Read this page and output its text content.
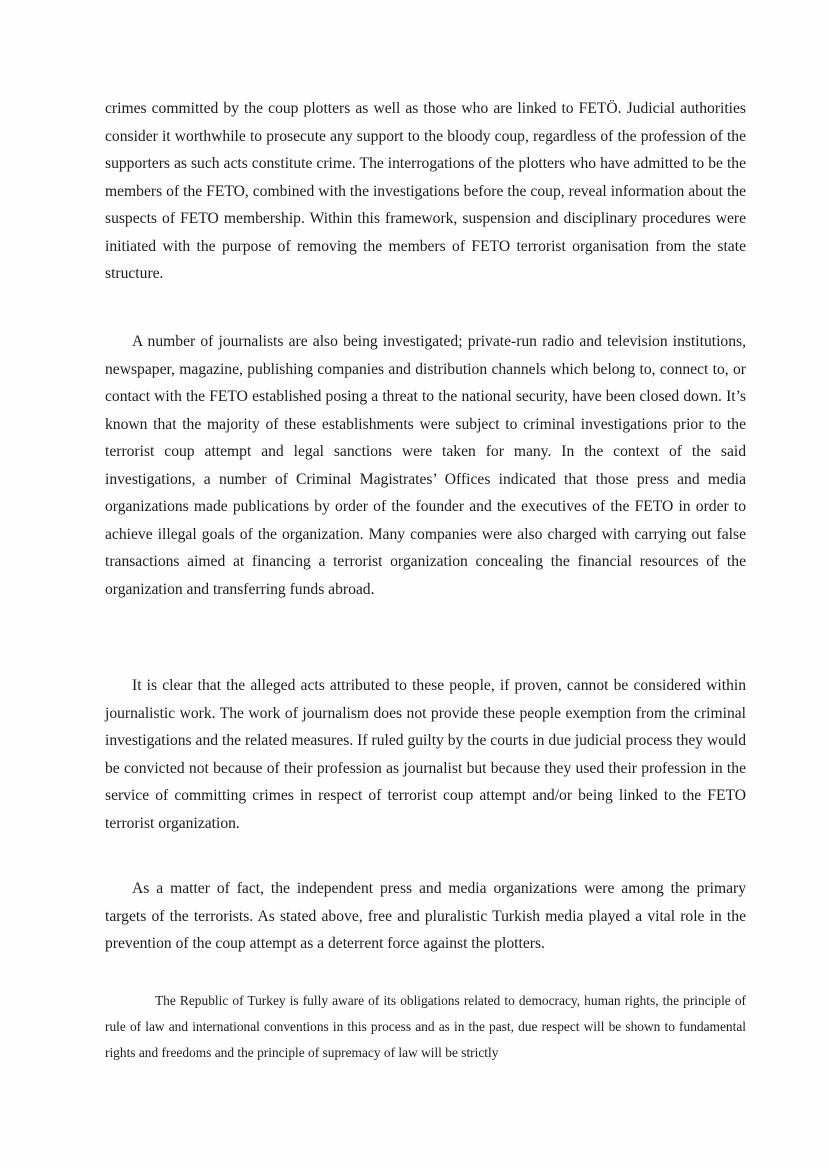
crimes committed by the coup plotters as well as those who are linked to FETÖ. Judicial authorities consider it worthwhile to prosecute any support to the bloody coup, regardless of the profession of the supporters as such acts constitute crime. The interrogations of the plotters who have admitted to be the members of the FETO, combined with the investigations before the coup, reveal information about the suspects of FETO membership. Within this framework, suspension and disciplinary procedures were initiated with the purpose of removing the members of FETO terrorist organisation from the state structure.

A number of journalists are also being investigated; private-run radio and television institutions, newspaper, magazine, publishing companies and distribution channels which belong to, connect to, or contact with the FETO established posing a threat to the national security, have been closed down. It’s known that the majority of these establishments were subject to criminal investigations prior to the terrorist coup attempt and legal sanctions were taken for many. In the context of the said investigations, a number of Criminal Magistrates’ Offices indicated that those press and media organizations made publications by order of the founder and the executives of the FETO in order to achieve illegal goals of the organization. Many companies were also charged with carrying out false transactions aimed at financing a terrorist organization concealing the financial resources of the organization and transferring funds abroad.

It is clear that the alleged acts attributed to these people, if proven, cannot be considered within journalistic work. The work of journalism does not provide these people exemption from the criminal investigations and the related measures. If ruled guilty by the courts in due judicial process they would be convicted not because of their profession as journalist but because they used their profession in the service of committing crimes in respect of terrorist coup attempt and/or being linked to the FETO terrorist organization.

As a matter of fact, the independent press and media organizations were among the primary targets of the terrorists. As stated above, free and pluralistic Turkish media played a vital role in the prevention of the coup attempt as a deterrent force against the plotters.

The Republic of Turkey is fully aware of its obligations related to democracy, human rights, the principle of rule of law and international conventions in this process and as in the past, due respect will be shown to fundamental rights and freedoms and the principle of supremacy of law will be strictly
